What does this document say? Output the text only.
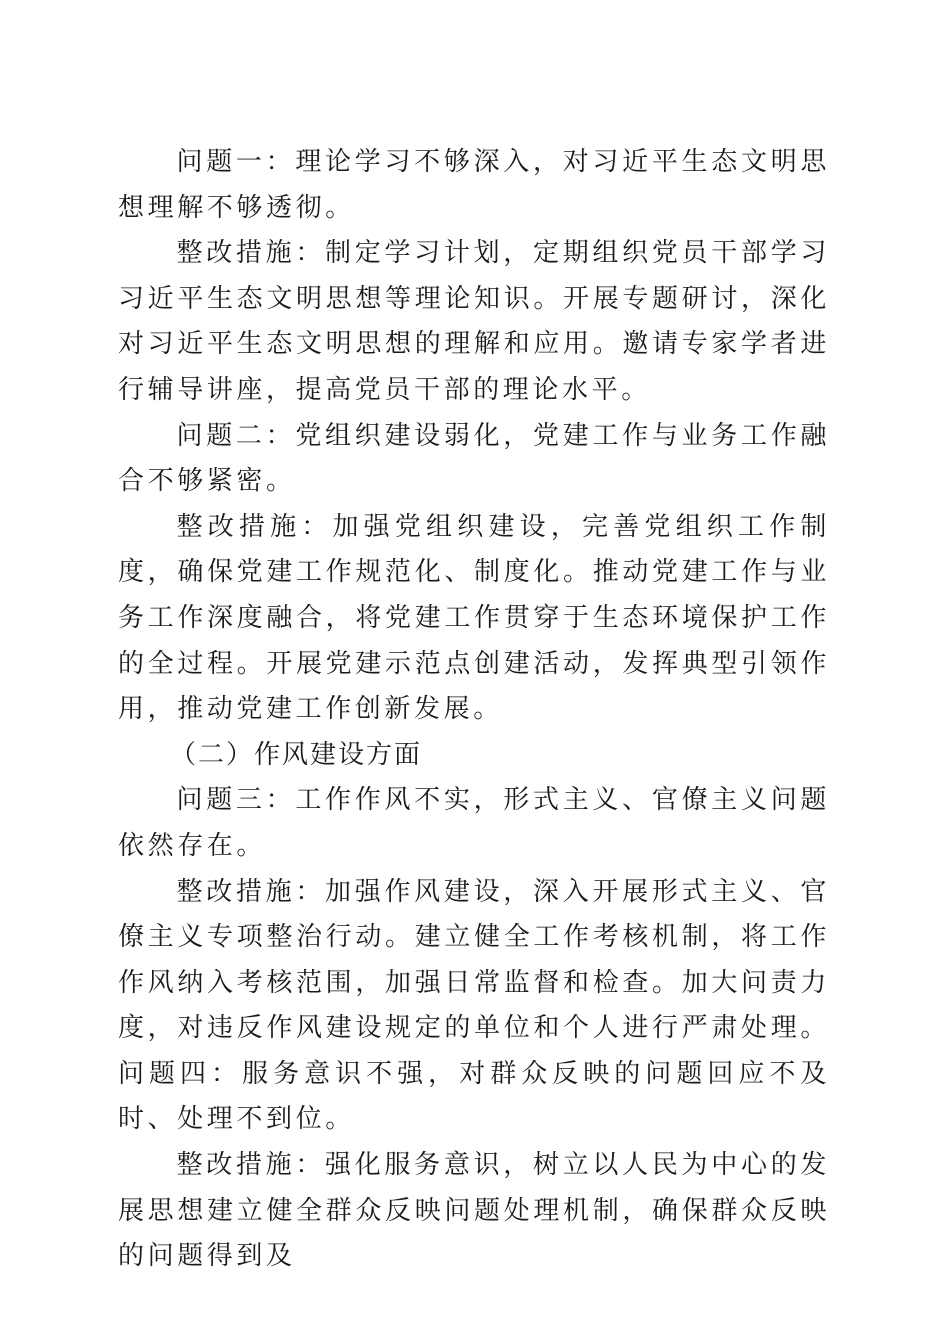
问题一：理论学习不够深入，对习近平生态文明思想理解不够透彻。

整改措施：制定学习计划，定期组织党员干部学习习近平生态文明思想等理论知识。开展专题研讨，深化对习近平生态文明思想的理解和应用。邀请专家学者进行辅导讲座，提高党员干部的理论水平。

问题二：党组织建设弱化，党建工作与业务工作融合不够紧密。

整改措施：加强党组织建设，完善党组织工作制度，确保党建工作规范化、制度化。推动党建工作与业务工作深度融合，将党建工作贯穿于生态环境保护工作的全过程。开展党建示范点创建活动，发挥典型引领作用，推动党建工作创新发展。

（二）作风建设方面

问题三：工作作风不实，形式主义、官僚主义问题依然存在。

整改措施：加强作风建设，深入开展形式主义、官僚主义专项整治行动。建立健全工作考核机制，将工作作风纳入考核范围，加强日常监督和检查。加大问责力度，对违反作风建设规定的单位和个人进行严肃处理。问题四：服务意识不强，对群众反映的问题回应不及时、处理不到位。

整改措施：强化服务意识，树立以人民为中心的发展思想建立健全群众反映问题处理机制，确保群众反映的问题得到及
